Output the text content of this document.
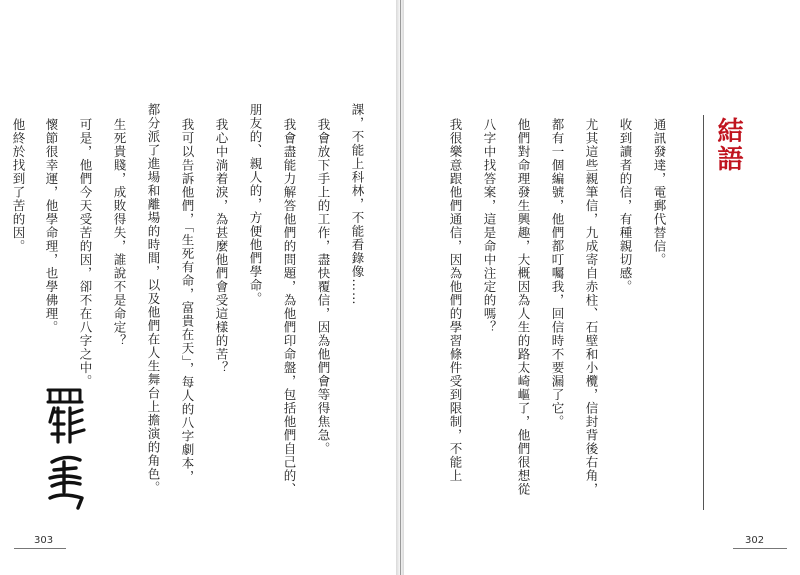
結語
通訊發達，電郵代替信。
收到讀者的信，有種親切感。
尤其這些親筆信，九成寄自赤柱、石壁和小欖，信封背後右角，
都有一個編號，他們都叮囑我，回信時不要漏了它。
他們對命理發生興趣，大概因為人生的路太崎嶇了，他們很想從
八字中找答案，這是命中注定的嗎？
我很樂意跟他們通信，因為他們的學習條件受到限制，不能上
302
課，不能上科林，不能看錄像……
我會放下手上的工作，盡快覆信，因為他們會等得焦急。
我會盡能力解答他們的問題，為他們印命盤，包括他們自己的、
朋友的、親人的，方便他們學命。
我心中淌着淚，為甚麼他們會受這樣的苦？
我可以告訴他們，「生死有命，富貴在天」，每人的八字劇本，
都分派了進場和離場的時間，以及他們在人生舞台上擔演的角色。
生死貴賤，成敗得失，誰說不是命定？
可是，他們今天受苦的因，卻不在八字之中。
懷節很幸運，他學命理，也學佛理。
303
他終於找到了苦的因。
